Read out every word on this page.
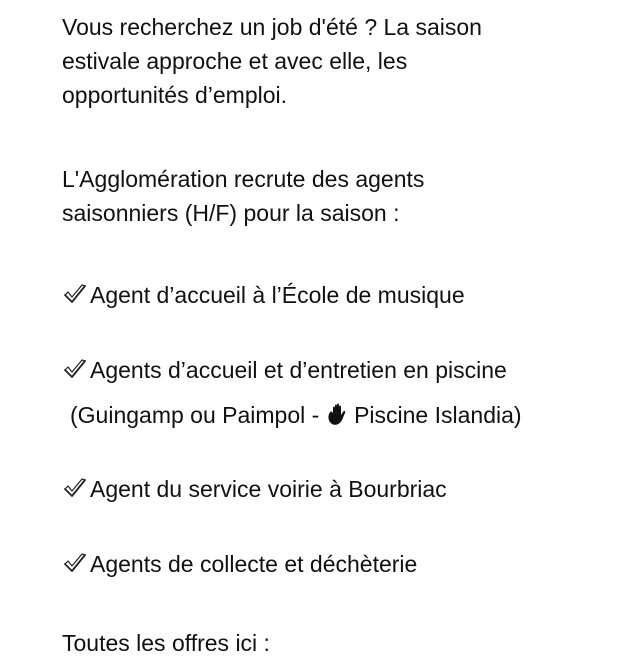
Vous recherchez un job d'été ? La saison
estivale approche et avec elle, les
opportunités d’emploi.

L'Agglomération recrute des agents
saisonniers (H/F) pour la saison :

Agent d’accueil à l’École de musique

Agents d’accueil et d’entretien en piscine
(Guingamp ou Paimpol -  Piscine Islandia)

Agent du service voirie à Bourbriac

Agents de collecte et déchèterie

Toutes les offres ici :
